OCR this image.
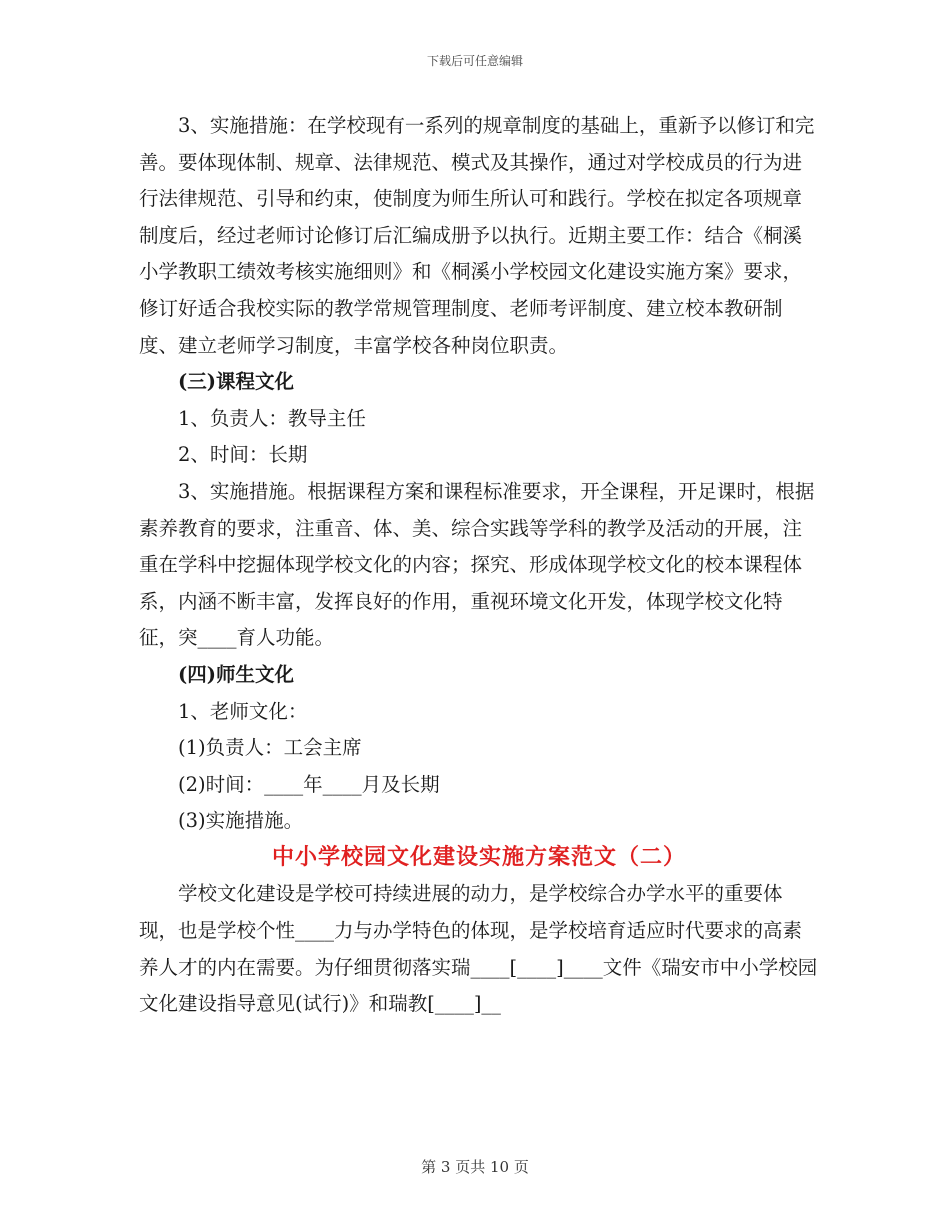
下载后可任意编辑

3、实施措施：在学校现有一系列的规章制度的基础上，重新予以修订和完善。要体现体制、规章、法律规范、模式及其操作，通过对学校成员的行为进行法律规范、引导和约束，使制度为师生所认可和践行。学校在拟定各项规章制度后，经过老师讨论修订后汇编成册予以执行。近期主要工作：结合《桐溪小学教职工绩效考核实施细则》和《桐溪小学校园文化建设实施方案》要求，修订好适合我校实际的教学常规管理制度、老师考评制度、建立校本教研制度、建立老师学习制度，丰富学校各种岗位职责。

(三)课程文化

1、负责人：教导主任

2、时间：长期

3、实施措施。根据课程方案和课程标准要求，开全课程，开足课时，根据素养教育的要求，注重音、体、美、综合实践等学科的教学及活动的开展，注重在学科中挖掘体现学校文化的内容；探究、形成体现学校文化的校本课程体系，内涵不断丰富，发挥良好的作用，重视环境文化开发，体现学校文化特征，突____育人功能。

(四)师生文化

1、老师文化：

(1)负责人：工会主席

(2)时间：____年____月及长期

(3)实施措施。

中小学校园文化建设实施方案范文（二）

学校文化建设是学校可持续进展的动力，是学校综合办学水平的重要体现，也是学校个性____力与办学特色的体现，是学校培育适应时代要求的高素养人才的内在需要。为仔细贯彻落实瑞____[____]____文件《瑞安市中小学校园文化建设指导意见(试行)》和瑞教[____]__

第 3 页共 10 页
